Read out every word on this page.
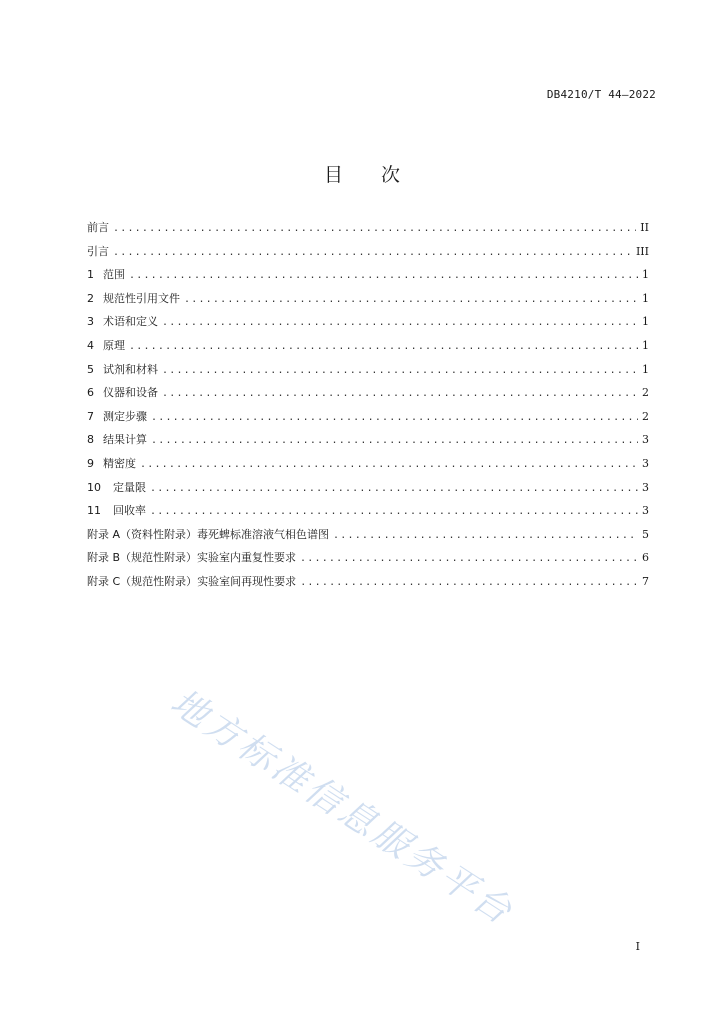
DB4210/T 44—2022
目 次
前言 .....	II
引言 .....	III
1 范围 .....	1
2 规范性引用文件 .....	1
3 术语和定义 .....	1
4 原理 .....	1
5 试剂和材料 .....	1
6 仪器和设备 .....	2
7 测定步骤 .....	2
8 结果计算 .....	3
9 精密度 .....	3
10	定量限 .....	3
11	回收率 .....	3
附录 A（资料性附录） 毒死蜱标准溶液气相色谱图 .....	5
附录 B（规范性附录） 实验室内重复性要求 .....	6
附录 C（规范性附录） 实验室间再现性要求 .....	7
地方标准信息服务平台
I
